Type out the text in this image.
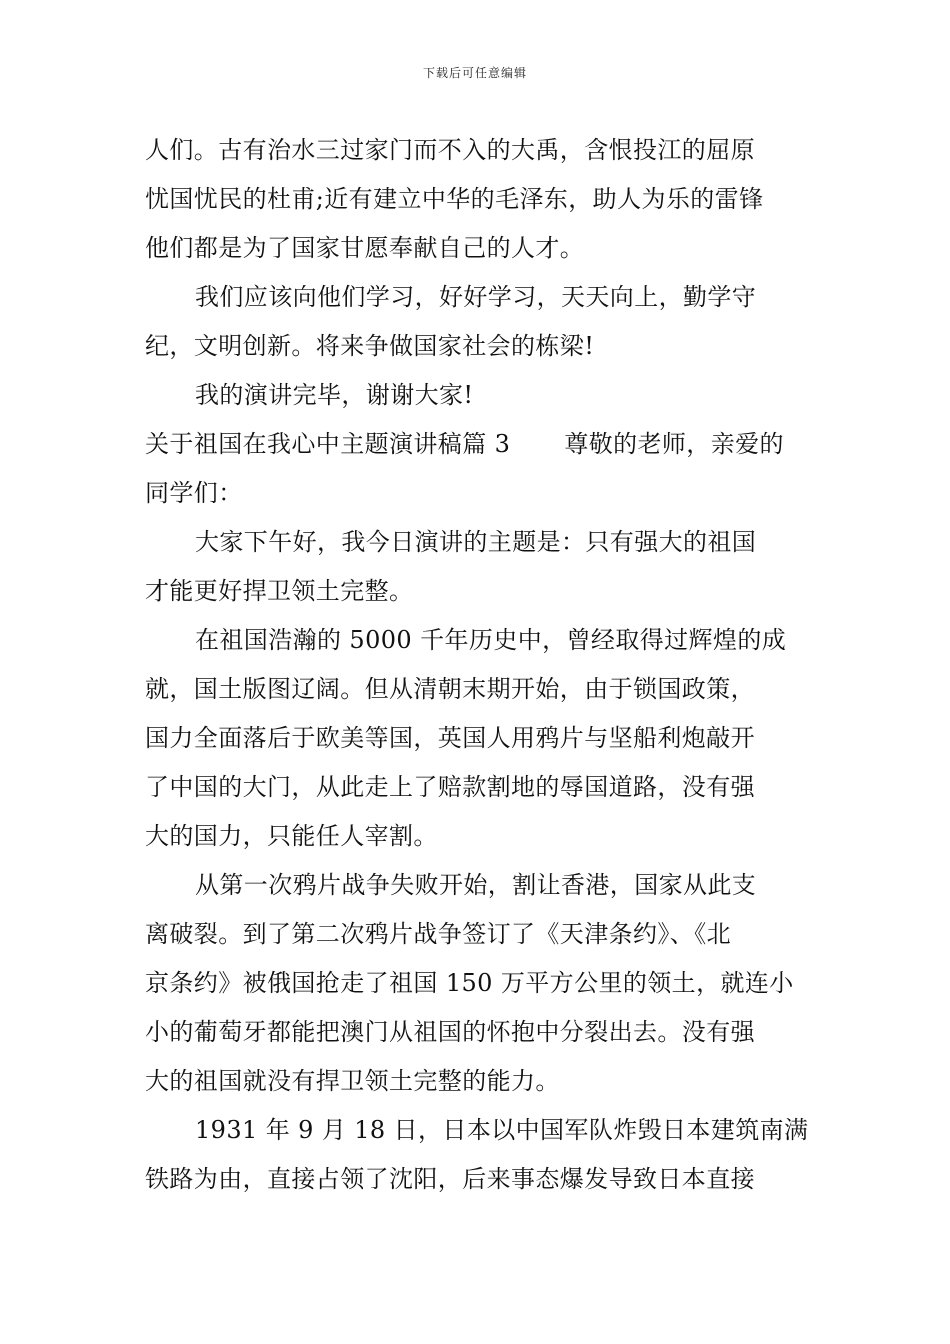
下载后可任意编辑
人们。古有治水三过家门而不入的大禹，含恨投江的屈原
忧国忧民的杜甫;近有建立中华的毛泽东，助人为乐的雷锋
他们都是为了国家甘愿奉献自己的人才。
我们应该向他们学习，好好学习，天天向上，勤学守
纪，文明创新。将来争做国家社会的栋梁!
我的演讲完毕，谢谢大家!
关于祖国在我心中主题演讲稿篇 3 尊敬的老师，亲爱的
同学们：
大家下午好，我今日演讲的主题是：只有强大的祖国
才能更好捍卫领土完整。
在祖国浩瀚的 5000 千年历史中，曾经取得过辉煌的成
就，国土版图辽阔。但从清朝末期开始，由于锁国政策，
国力全面落后于欧美等国，英国人用鸦片与坚船利炮敲开
了中国的大门，从此走上了赔款割地的辱国道路，没有强
大的国力，只能任人宰割。
从第一次鸦片战争失败开始，割让香港，国家从此支
离破裂。到了第二次鸦片战争签订了《天津条约》、《北
京条约》被俄国抢走了祖国 150 万平方公里的领土，就连小
小的葡萄牙都能把澳门从祖国的怀抱中分裂出去。没有强
大的祖国就没有捍卫领土完整的能力。
1931 年 9 月 18 日，日本以中国军队炸毁日本建筑南满
铁路为由，直接占领了沈阳，后来事态爆发导致日本直接
